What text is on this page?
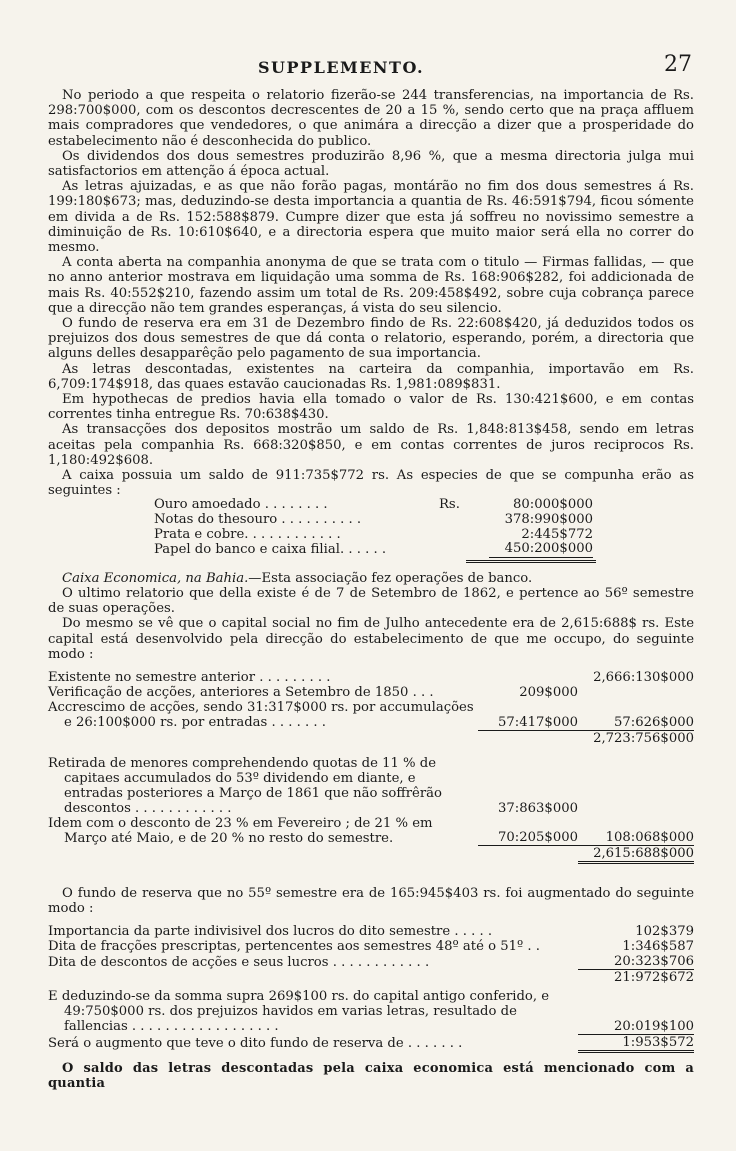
SUPPLEMENTO.	27

No periodo a que respeita o relatorio fizerão-se 244 transferencias, na importancia de Rs. 298:700$000, com os descontos decrescentes de 20 a 15 %, sendo certo que na praça affluem mais compradores que vendedores, o que animára a direcção a dizer que a prosperidade do estabelecimento não é desconhecida do publico.

Os dividendos dos dous semestres produzirão 8,96 %, que a mesma directoria julga mui satisfactorios em attenção á época actual.

As letras ajuizadas, e as que não forão pagas, montárão no fim dos dous semestres á Rs. 199:180$673; mas, deduzindo-se desta importancia a quantia de Rs. 46:591$794, ficou sómente em divida a de Rs. 152:588$879. Cumpre dizer que esta já soffreu no novissimo semestre a diminuição de Rs. 10:610$640, e a directoria espera que muito maior será ella no correr do mesmo.

A conta aberta na companhia anonyma de que se trata com o titulo — Firmas fallidas, — que no anno anterior mostrava em liquidação uma somma de Rs. 168:906$282, foi addicionada de mais Rs. 40:552$210, fazendo assim um total de Rs. 209:458$492, sobre cuja cobrança parece que a direcção não tem grandes esperanças, á vista do seu silencio.

O fundo de reserva era em 31 de Dezembro findo de Rs. 22:608$420, já deduzidos todos os prejuizos dos dous semestres de que dá conta o relatorio, esperando, porém, a directoria que alguns delles desapparêção pelo pagamento de sua importancia.

As letras descontadas, existentes na carteira da companhia, importavão em Rs. 6,709:174$918, das quaes estavão caucionadas Rs. 1,981:089$831.

Em hypothecas de predios havia ella tomado o valor de Rs. 130:421$600, e em contas correntes tinha entregue Rs. 70:638$430.

As transacções dos depositos mostrão um saldo de Rs. 1,848:813$458, sendo em letras aceitas pela companhia Rs. 668:320$850, e em contas correntes de juros reciprocos Rs. 1,180:492$608.

A caixa possuia um saldo de 911:735$772 rs. As especies de que se compunha erão as seguintes :

Ouro amoedado . . . . . . . .	Rs.	80:000$000
Notas do thesouro . . . . . . . . . .		378:990$000
Prata e cobre. . . . . . . . . . . .		2:445$772
Papel do banco e caixa filial. . . . . .		450:200$000

Caixa Economica, na Bahia.—Esta associação fez operações de banco.

O ultimo relatorio que della existe é de 7 de Setembro de 1862, e pertence ao 56º semestre de suas operações.

Do mesmo se vê que o capital social no fim de Julho antecedente era de 2,615:688$ rs. Este capital está desenvolvido pela direcção do estabelecimento de que me occupo, do seguinte modo :

Existente no semestre anterior . . . . . . . . .		2,666:130$000
Verificação de acções, anteriores a Setembro de 1850 . . .	209$000	
Accrescimo de acções, sendo 31:317$000 rs. por accumulações e 26:100$000 rs. por entradas . . . . . . .	57:417$000	57:626$000
		2,723:756$000

Retirada de menores comprehendendo quotas de 11 % de capitaes accumulados do 53º dividendo em diante, e entradas posteriores a Março de 1861 que não soffrêrão descontos . . . . . . . . . . . .	37:863$000	
Idem com o desconto de 23 % em Fevereiro ; de 21 % em Março até Maio, e de 20 % no resto do semestre.	70:205$000	108:068$000
		2,615:688$000

O fundo de reserva que no 55º semestre era de 165:945$403 rs. foi augmentado do seguinte modo :

Importancia da parte indivisivel dos lucros do dito semestre . . . . .	102$379
Dita de fracções prescriptas, pertencentes aos semestres 48º até o 51º . .	1:346$587
Dita de descontos de acções e seus lucros . . . . . . . . . . . .	20:323$706
	21:972$672

E deduzindo-se da somma supra 269$100 rs. do capital antigo conferido, e 49:750$000 rs. dos prejuizos havidos em varias letras, resultado de fallencias . . . . . . . . . . . . . . . . . .	20:019$100
Será o augmento que teve o dito fundo de reserva de . . . . . . .	1:953$572

O saldo das letras descontadas pela caixa economica está mencionado com a quantia
